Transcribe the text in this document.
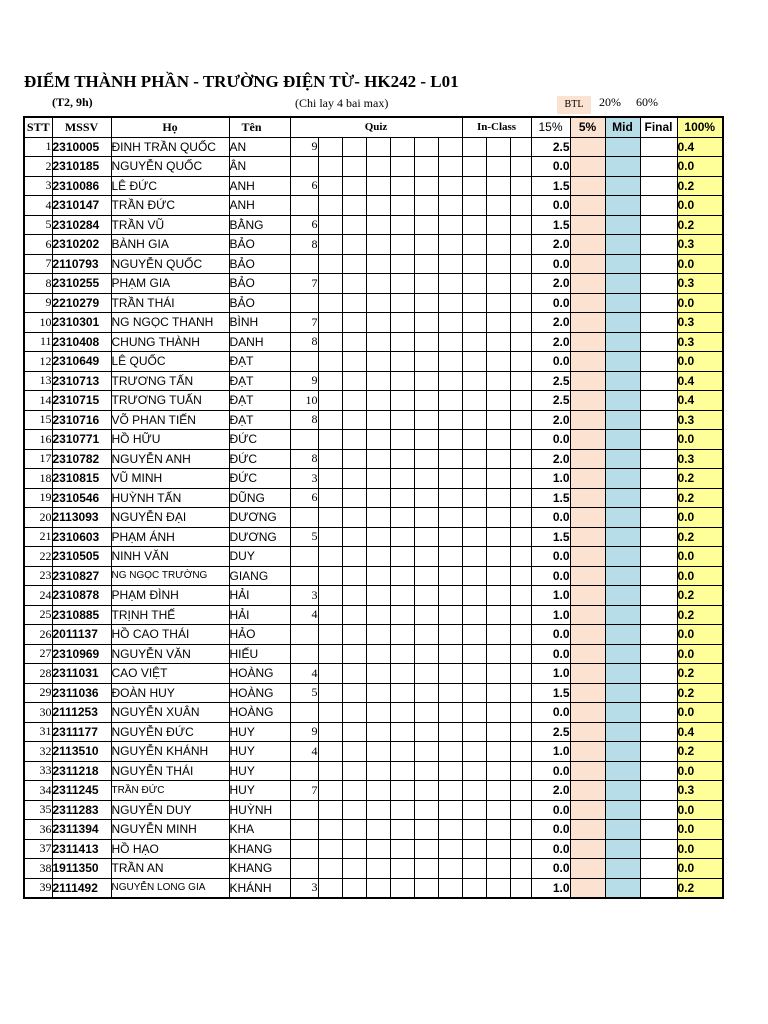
ĐIỂM THÀNH PHẦN - TRƯỜNG ĐIỆN TỪ- HK242 - L01
(T2, 9h)	(Chi lay 4 bai max)	BTL	20% 60%
STT	MSSV	Họ	Tên	Quiz							In-Class			15%	5%	Mid	Final	100%
1	2310005	ĐINH TRẦN QUỐC	AN	9										2.5				0.4
2	2310185	NGUYỄN QUỐC	ÂN											0.0				0.0
3	2310086	LÊ ĐỨC	ANH	6										1.5				0.2
4	2310147	TRẦN ĐỨC	ANH											0.0				0.0
5	2310284	TRẦN VŨ	BẰNG	6										1.5				0.2
6	2310202	BÀNH GIA	BẢO	8										2.0				0.3
7	2110793	NGUYỄN QUỐC	BẢO											0.0				0.0
8	2310255	PHẠM GIA	BẢO	7										2.0				0.3
9	2210279	TRẦN THÁI	BẢO											0.0				0.0
10	2310301	NG NGỌC THANH	BÌNH	7										2.0				0.3
11	2310408	CHUNG THÀNH	DANH	8										2.0				0.3
12	2310649	LÊ QUỐC	ĐẠT											0.0				0.0
13	2310713	TRƯƠNG TẤN	ĐẠT	9										2.5				0.4
14	2310715	TRƯƠNG TUẤN	ĐẠT	10										2.5				0.4
15	2310716	VÕ PHAN TIẾN	ĐẠT	8										2.0				0.3
16	2310771	HỒ HỮU	ĐỨC											0.0				0.0
17	2310782	NGUYỄN ANH	ĐỨC	8										2.0				0.3
18	2310815	VŨ MINH	ĐỨC	3										1.0				0.2
19	2310546	HUỲNH TẤN	DŨNG	6										1.5				0.2
20	2113093	NGUYỄN ĐẠI	DƯƠNG											0.0				0.0
21	2310603	PHẠM ÁNH	DƯƠNG	5										1.5				0.2
22	2310505	NINH VĂN	DUY											0.0				0.0
23	2310827	NG NGỌC TRƯỜNG	GIANG											0.0				0.0
24	2310878	PHẠM ĐÌNH	HẢI	3										1.0				0.2
25	2310885	TRỊNH THẾ	HẢI	4										1.0				0.2
26	2011137	HỒ CAO THÁI	HẢO											0.0				0.0
27	2310969	NGUYỄN VĂN	HIẾU											0.0				0.0
28	2311031	CAO VIỆT	HOÀNG	4										1.0				0.2
29	2311036	ĐOÀN HUY	HOÀNG	5										1.5				0.2
30	2111253	NGUYỄN XUÂN	HOÀNG											0.0				0.0
31	2311177	NGUYỄN ĐỨC	HUY	9										2.5				0.4
32	2113510	NGUYỄN KHÁNH	HUY	4										1.0				0.2
33	2311218	NGUYỄN THÁI	HUY											0.0				0.0
34	2311245	TRẦN ĐỨC	HUY	7										2.0				0.3
35	2311283	NGUYỄN DUY	HUỲNH											0.0				0.0
36	2311394	NGUYỄN MINH	KHA											0.0				0.0
37	2311413	HỒ HẠO	KHANG											0.0				0.0
38	1911350	TRẦN AN	KHANG											0.0				0.0
39	2111492	NGUYỄN LONG GIA	KHÁNH	3										1.0				0.2
